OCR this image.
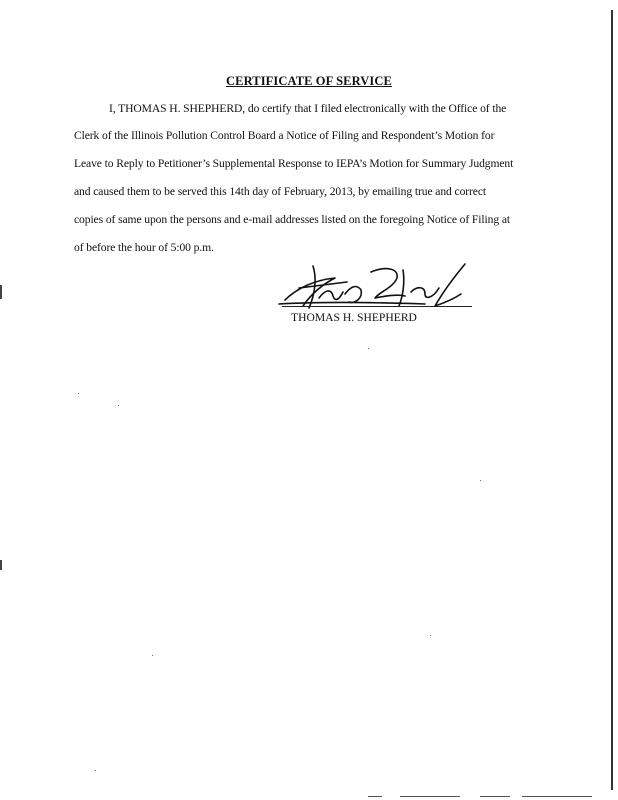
CERTIFICATE OF SERVICE
I, THOMAS H. SHEPHERD, do certify that I filed electronically with the Office of the
Clerk of the Illinois Pollution Control Board a Notice of Filing and Respondent’s Motion for
Leave to Reply to Petitioner’s Supplemental Response to IEPA’s Motion for Summary Judgment
and caused them to be served this 14th day of February, 2013, by emailing true and correct
copies of same upon the persons and e-mail addresses listed on the foregoing Notice of Filing at
of before the hour of 5:00 p.m.
THOMAS H. SHEPHERD
